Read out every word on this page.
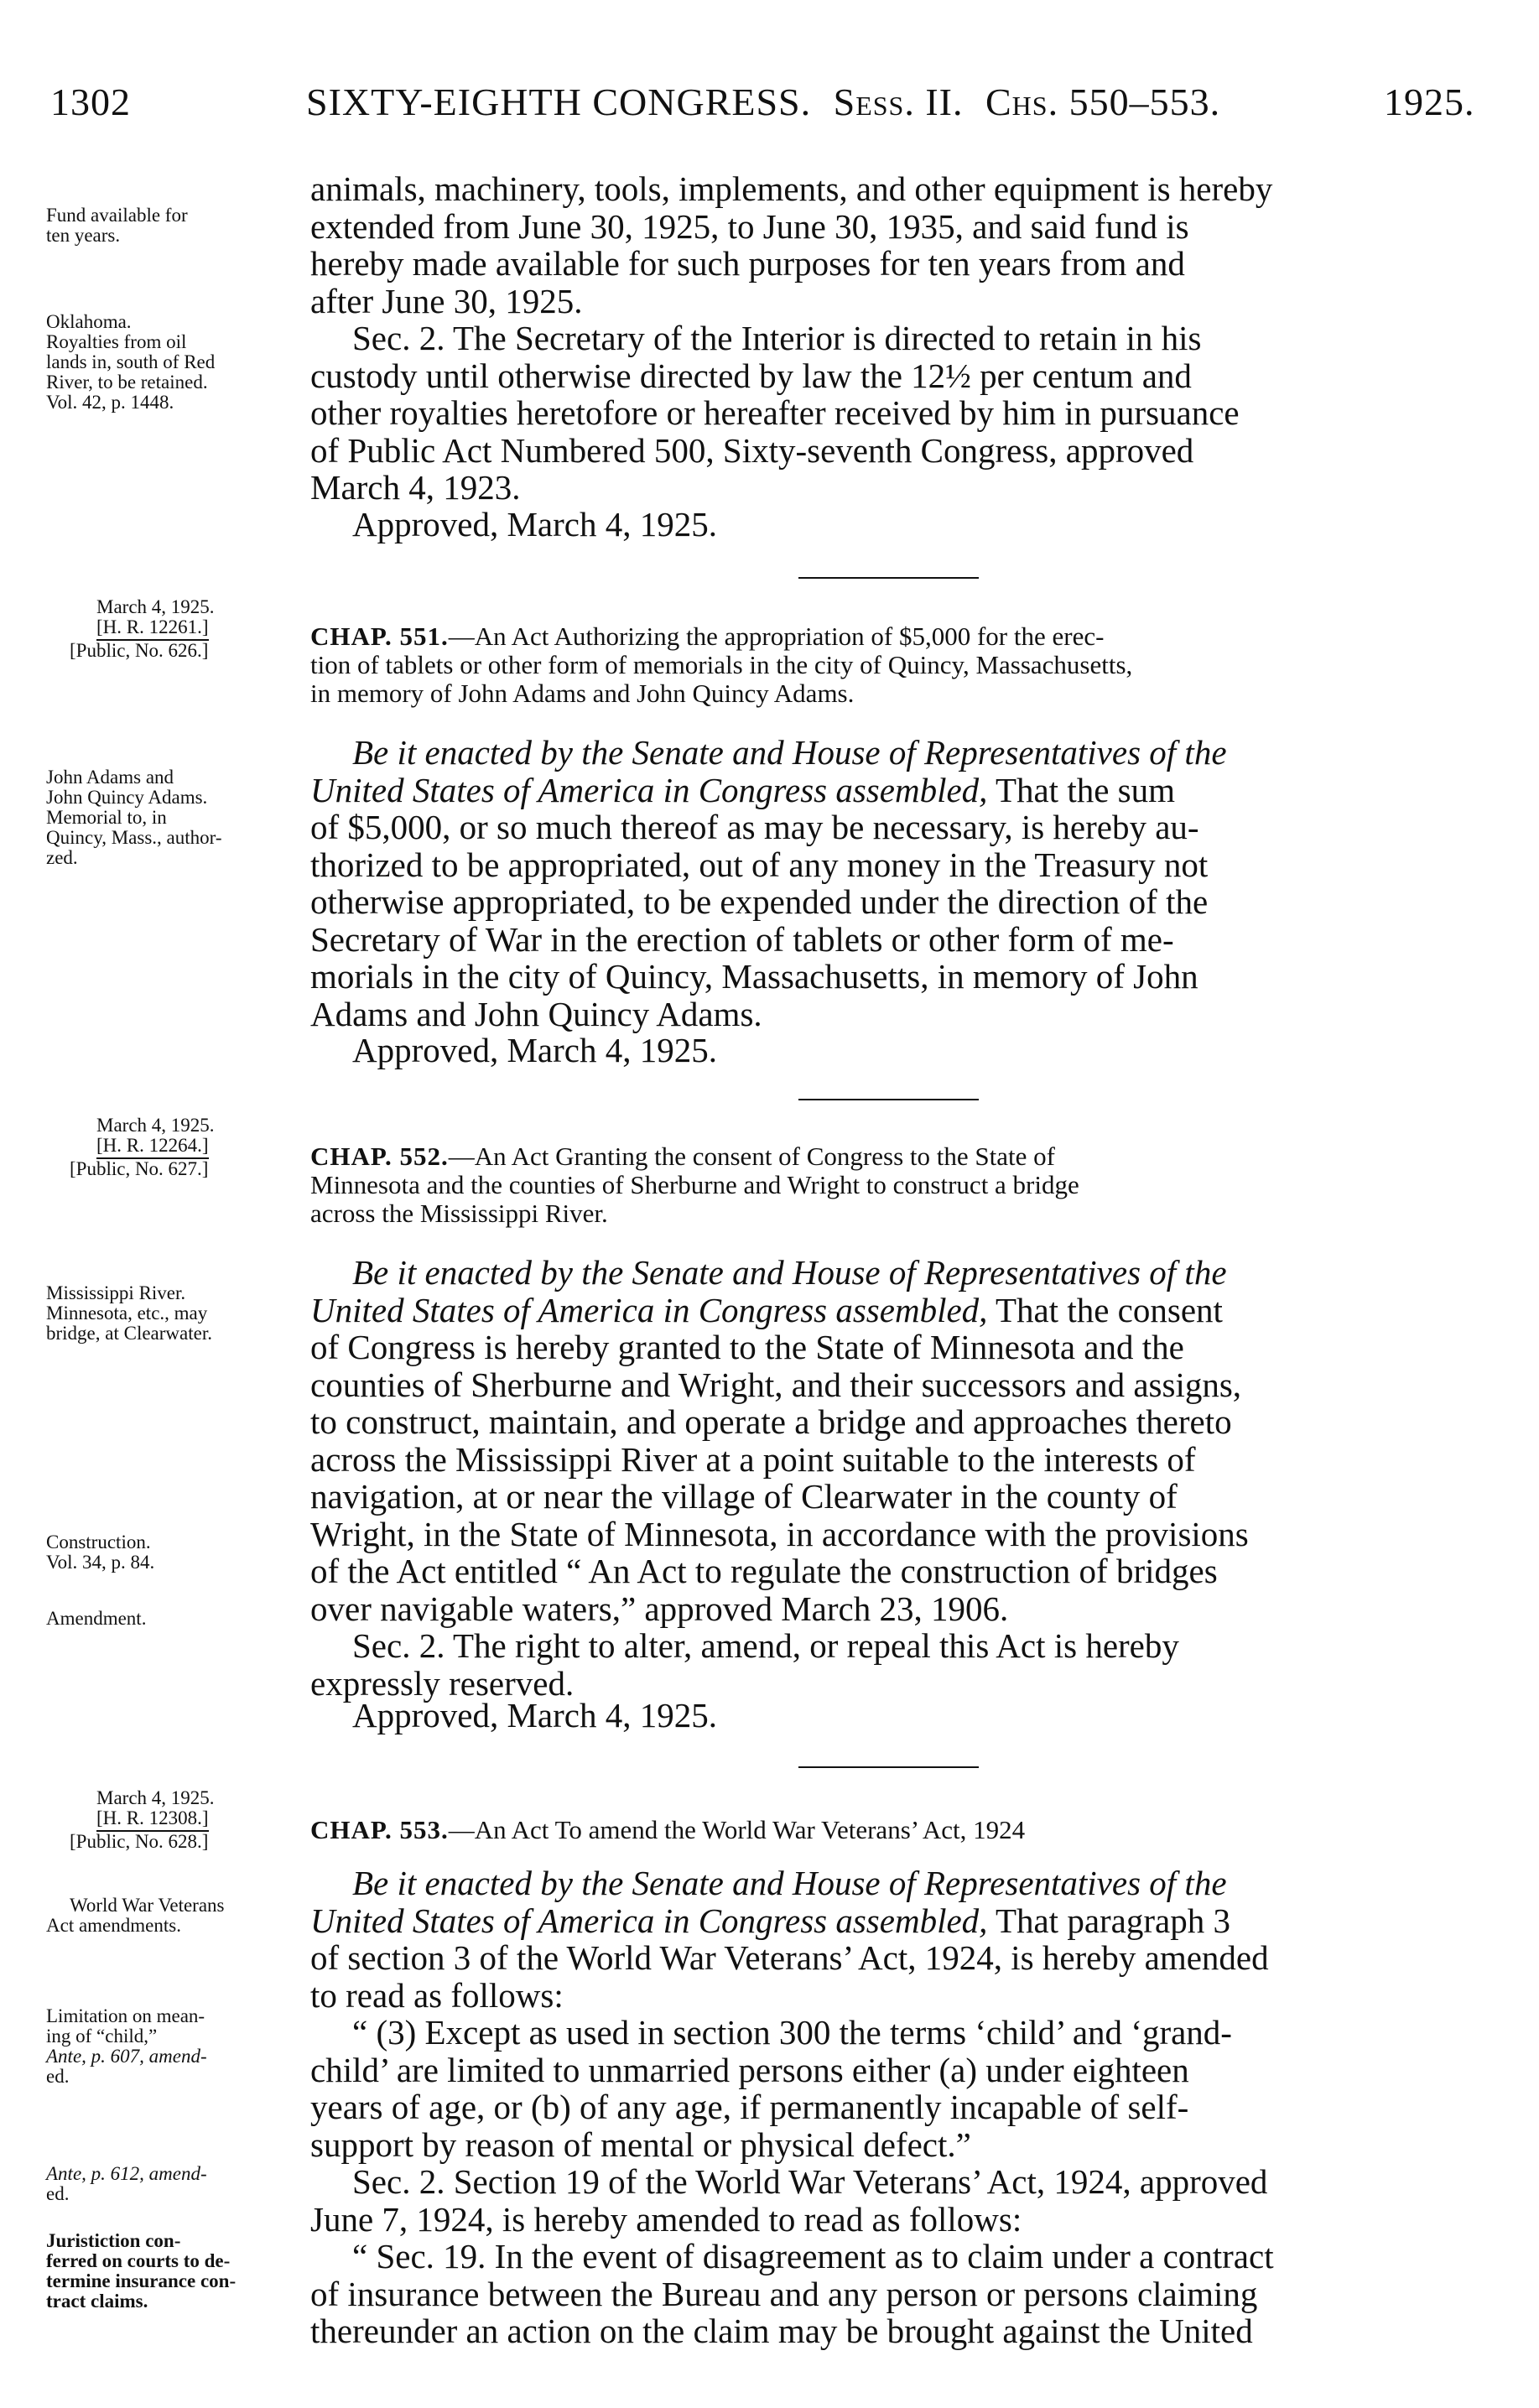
1302	SIXTY-EIGHTH CONGRESS. Sess. II. Chs. 550–553.	1925.
Fund available for
ten years.
Oklahoma.
Royalties from oil
lands in, south of Red
River, to be retained.
Vol. 42, p. 1448.
animals, machinery, tools, implements, and other equipment is hereby
extended from June 30, 1925, to June 30, 1935, and said fund is
hereby made available for such purposes for ten years from and
after June 30, 1925.
Sec. 2. The Secretary of the Interior is directed to retain in his
custody until otherwise directed by law the 12½ per centum and
other royalties heretofore or hereafter received by him in pursuance
of Public Act Numbered 500, Sixty-seventh Congress, approved
March 4, 1923.
Approved, March 4, 1925.
March 4, 1925.
[H. R. 12261.]
[Public, No. 626.]	CHAP. 551.—An Act Authorizing the appropriation of $5,000 for the erec-
tion of tablets or other form of memorials in the city of Quincy, Massachusetts,
in memory of John Adams and John Quincy Adams.
John Adams and
John Quincy Adams.
Memorial to, in
Quincy, Mass., author-
zed.
Be it enacted by the Senate and House of Representatives of the
United States of America in Congress assembled, That the sum
of $5,000, or so much thereof as may be necessary, is hereby au-
thorized to be appropriated, out of any money in the Treasury not
otherwise appropriated, to be expended under the direction of the
Secretary of War in the erection of tablets or other form of me-
morials in the city of Quincy, Massachusetts, in memory of John
Adams and John Quincy Adams.
Approved, March 4, 1925.
March 4, 1925.
[H. R. 12264.]
[Public, No. 627.]	CHAP. 552.—An Act Granting the consent of Congress to the State of
Minnesota and the counties of Sherburne and Wright to construct a bridge
across the Mississippi River.
Mississippi River.
Minnesota, etc., may
bridge, at Clearwater.
Construction.
Vol. 34, p. 84.
Amendment.
Be it enacted by the Senate and House of Representatives of the
United States of America in Congress assembled, That the consent
of Congress is hereby granted to the State of Minnesota and the
counties of Sherburne and Wright, and their successors and assigns,
to construct, maintain, and operate a bridge and approaches thereto
across the Mississippi River at a point suitable to the interests of
navigation, at or near the village of Clearwater in the county of
Wright, in the State of Minnesota, in accordance with the provisions
of the Act entitled “ An Act to regulate the construction of bridges
over navigable waters,” approved March 23, 1906.
Sec. 2. The right to alter, amend, or repeal this Act is hereby
expressly reserved.
Approved, March 4, 1925.
March 4, 1925.
[H. R. 12308.]
[Public, No. 628.]	CHAP. 553.—An Act To amend the World War Veterans’ Act, 1924
World War Veterans
Act amendments.
Limitation on mean-
ing of “child,”
Ante, p. 607, amend-
ed.
Ante, p. 612, amend-
ed.
Juristiction con-
ferred on courts to de-
termine insurance con-
tract claims.
Be it enacted by the Senate and House of Representatives of the
United States of America in Congress assembled, That paragraph 3
of section 3 of the World War Veterans’ Act, 1924, is hereby amended
to read as follows:
“ (3) Except as used in section 300 the terms ‘child’ and ‘grand-
child’ are limited to unmarried persons either (a) under eighteen
years of age, or (b) of any age, if permanently incapable of self-
support by reason of mental or physical defect.”
Sec. 2. Section 19 of the World War Veterans’ Act, 1924, approved
June 7, 1924, is hereby amended to read as follows:
“ Sec. 19. In the event of disagreement as to claim under a contract
of insurance between the Bureau and any person or persons claiming
thereunder an action on the claim may be brought against the United
